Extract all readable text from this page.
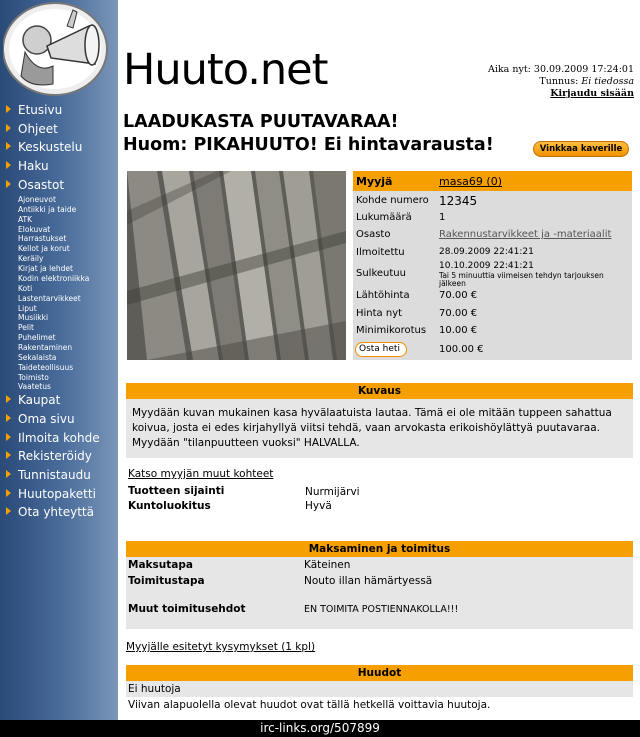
Etusivu
Ohjeet
Keskustelu
Haku
Osastot
Ajoneuvot
Antiikki ja taide
ATK
Elokuvat
Harrastukset
Kellot ja korut
Keräily
Kirjat ja lehdet
Kodin elektroniikka
Koti
Lastentarvikkeet
Liput
Musiikki
Pelit
Puhelimet
Rakentaminen
Sekalaista
Taideteollisuus
Toimisto
Vaatetus
Kaupat
Oma sivu
Ilmoita kohde
Rekisteröidy
Tunnistaudu
Huutopaketti
Ota yhteyttä
Huuto.net	Aika nyt: 30.09.2009 17:24:01
Tunnus: Ei tiedossa
Kirjaudu sisään
LAADUKASTA PUUTAVARAA!
Huom: PIKAHUUTO! Ei hintavarausta!	Vinkkaa kaverille
Myyjä	masa69 (0)
Kohde numero 12345
Lukumäärä	1
Osasto	Rakennustarvikkeet ja -materiaalit
Ilmoitettu	28.09.2009 22:41:21
Sulkeutuu
10.10.2009 22:41:21
Tai 5 minuuttia viimeisen tehdyn tarjouksen jälkeen
Lähtöhinta	70.00 €
Hinta nyt	70.00 €
Minimikorotus 10.00 €
Osta heti	100.00 €
Kuvaus
Myydään kuvan mukainen kasa hyvälaatuista lautaa. Tämä ei ole mitään tuppeen sahattua
koivua, josta ei edes kirjahyllyä viitsi tehdä, vaan arvokasta erikoishöylättyä puutavaraa.
Myydään "tilanpuutteen vuoksi" HALVALLA.
Katso myyjän muut kohteet
Tuotteen sijainti	Nurmijärvi
Kuntoluokitus	Hyvä
Maksaminen ja toimitus
Maksutapa	Käteinen
Toimitustapa	Nouto illan hämärtyessä
Muut toimitusehdot	EN TOIMITA POSTIENNAKOLLA!!!
Myyjälle esitetyt kysymykset (1 kpl)
Huudot
Ei huutoja
Viivan alapuolella olevat huudot ovat tällä hetkellä voittavia huutoja.
irc-links.org/507899
